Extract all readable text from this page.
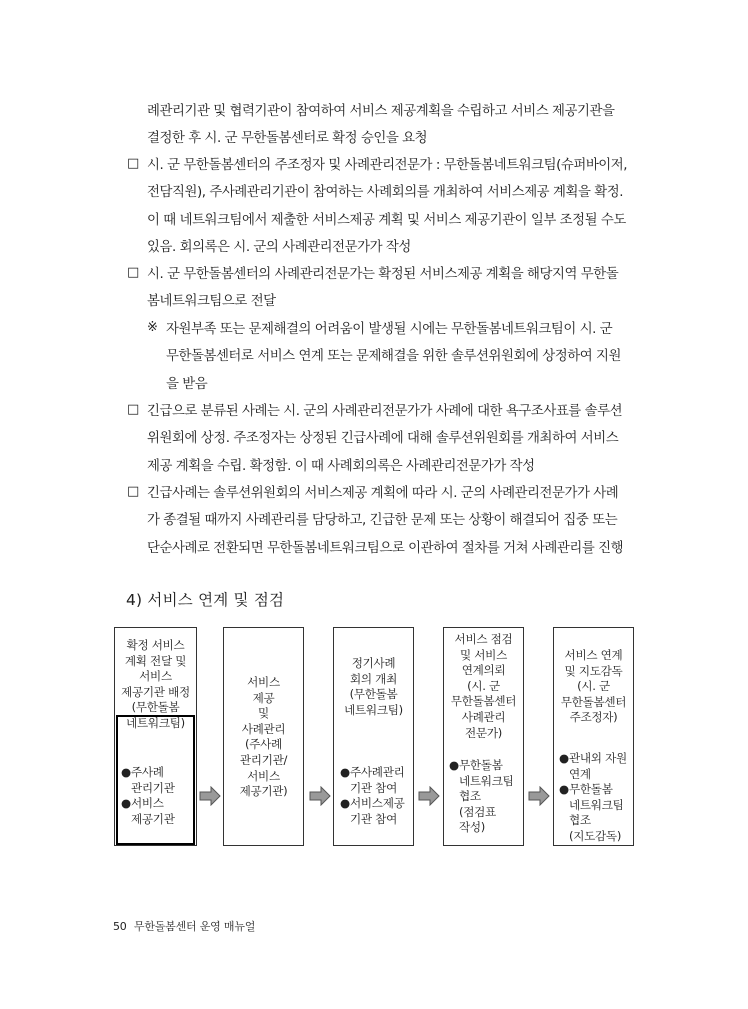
례관리기관 및 협력기관이 참여하여 서비스 제공계획을 수립하고 서비스 제공기관을
결정한 후 시. 군 무한돌봄센터로 확정 승인을 요청
□ 시. 군 무한돌봄센터의 주조정자 및 사례관리전문가 : 무한돌봄네트워크팀(슈퍼바이저,
전담직원), 주사례관리기관이 참여하는 사례회의를 개최하여 서비스제공 계획을 확정.
이 때 네트워크팀에서 제출한 서비스제공 계획 및 서비스 제공기관이 일부 조정될 수도
있음. 회의록은 시. 군의 사례관리전문가가 작성
□ 시. 군 무한돌봄센터의 사례관리전문가는 확정된 서비스제공 계획을 해당지역 무한돌
봄네트워크팀으로 전달
※ 자원부족 또는 문제해결의 어려움이 발생될 시에는 무한돌봄네트워크팀이 시. 군
무한돌봄센터로 서비스 연계 또는 문제해결을 위한 솔루션위원회에 상정하여 지원
을 받음
□ 긴급으로 분류된 사례는 시. 군의 사례관리전문가가 사례에 대한 욕구조사표를 솔루션
위원회에 상정. 주조정자는 상정된 긴급사례에 대해 솔루션위원회를 개최하여 서비스
제공 계획을 수립. 확정함. 이 때 사례회의록은 사례관리전문가가 작성
□ 긴급사례는 솔루션위원회의 서비스제공 계획에 따라 시. 군의 사례관리전문가가 사례
가 종결될 때까지 사례관리를 담당하고, 긴급한 문제 또는 상황이 해결되어 집중 또는
단순사례로 전환되면 무한돌봄네트워크팀으로 이관하여 절차를 거쳐 사례관리를 진행
4) 서비스 연계 및 점검
확정 서비스
계획 전달 및
서비스
제공기관 배정
(무한돌봄
네트워크팀)
● 주사례
관리기관
● 서비스
제공기관
서비스
제공
및
사례관리
(주사례
관리기관/
서비스
제공기관)
정기사례
회의 개최
(무한돌봄
네트워크팀)
● 주사례관리
기관 참여
● 서비스제공
기관 참여
서비스 점검
및 서비스
연계의뢰
(시. 군
무한돌봄센터
사례관리
전문가)
● 무한돌봄
네트워크팀
협조
(점검표
작성)
서비스 연계
및 지도감독
(시. 군
무한돌봄센터
주조정자)
● 관내외 자원
연계
● 무한돌봄
네트워크팀
협조
(지도감독)
50 무한돌봄센터 운영 매뉴얼
